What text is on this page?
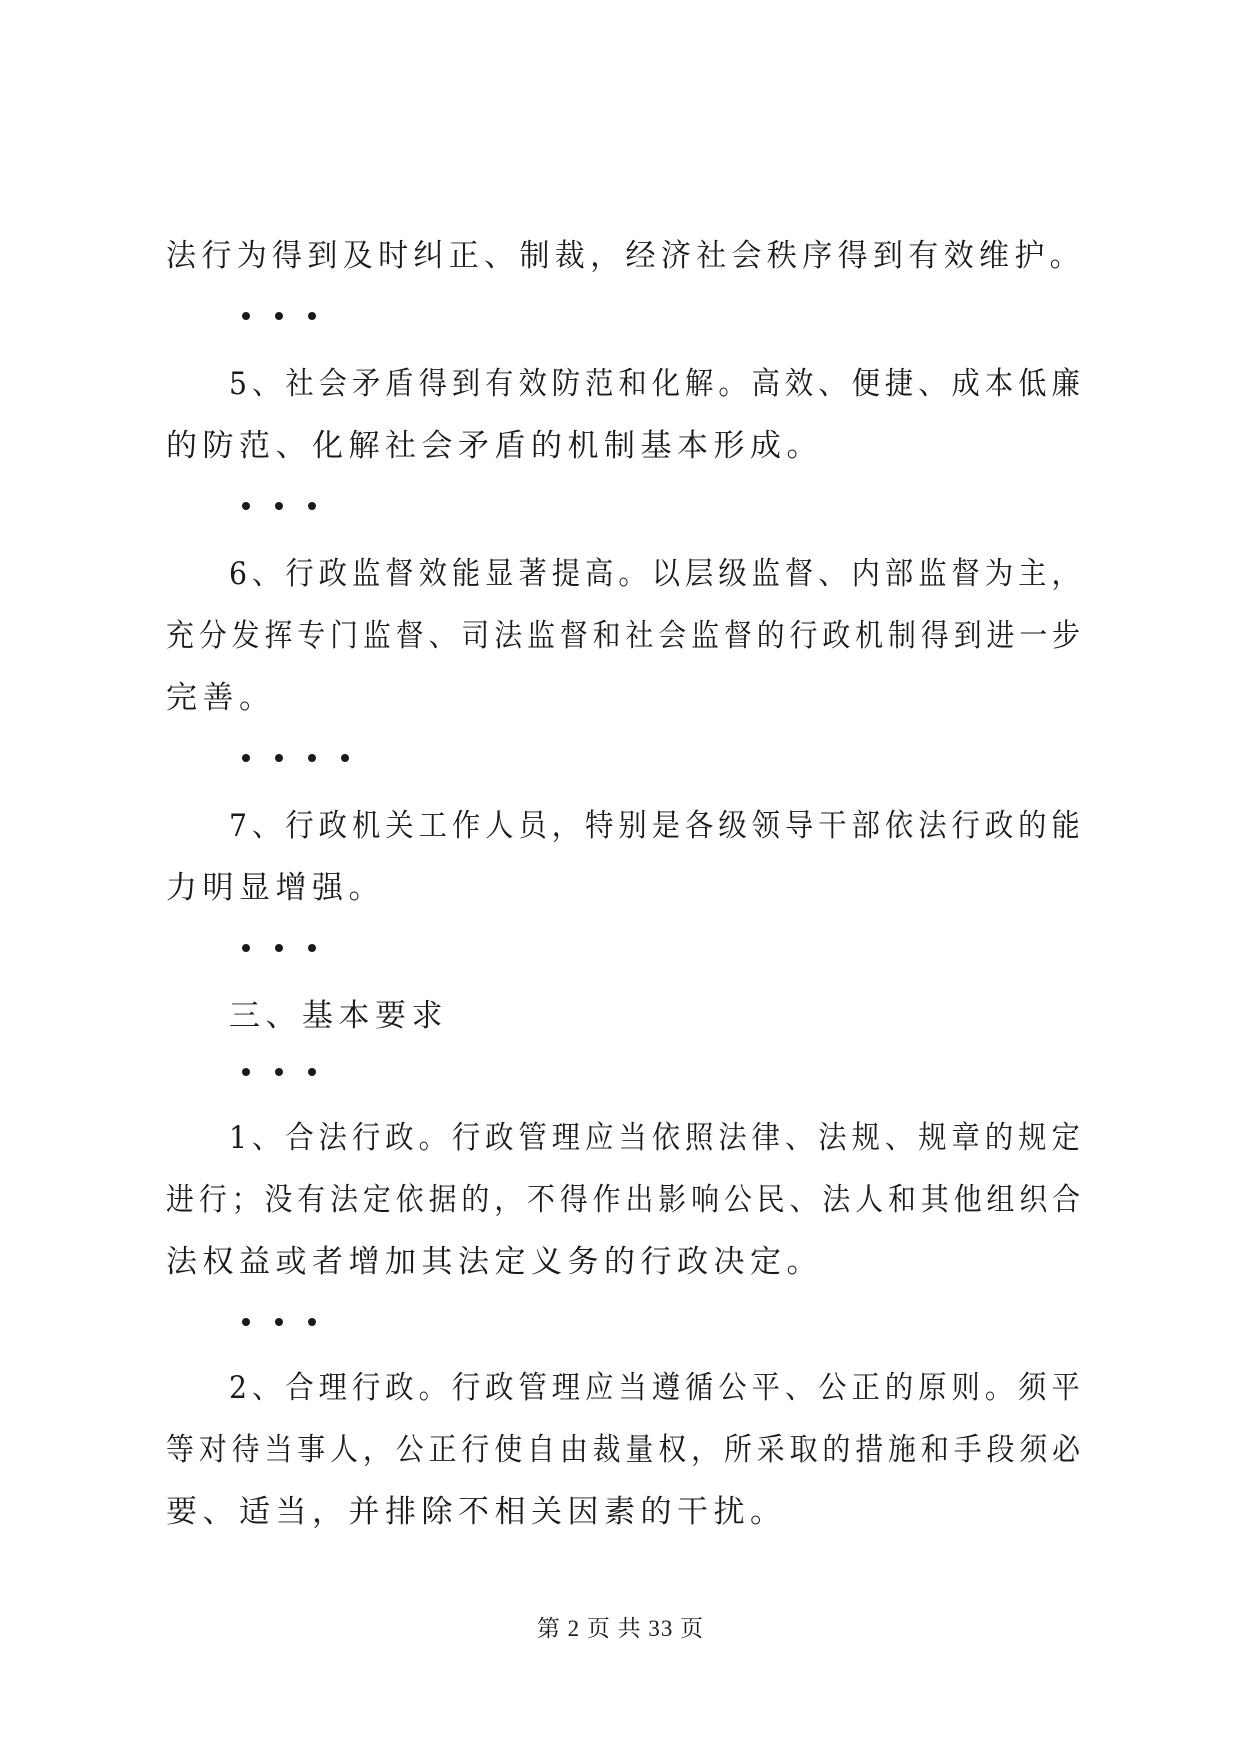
法行为得到及时纠正、制裁，经济社会秩序得到有效维护。
5、社会矛盾得到有效防范和化解。高效、便捷、成本低廉
的防范、化解社会矛盾的机制基本形成。
6、行政监督效能显著提高。以层级监督、内部监督为主，
充分发挥专门监督、司法监督和社会监督的行政机制得到进一步
完善。
7、行政机关工作人员，特别是各级领导干部依法行政的能
力明显增强。
三、基本要求
1、合法行政。行政管理应当依照法律、法规、规章的规定
进行；没有法定依据的，不得作出影响公民、法人和其他组织合
法权益或者增加其法定义务的行政决定。
2、合理行政。行政管理应当遵循公平、公正的原则。须平
等对待当事人，公正行使自由裁量权，所采取的措施和手段须必
要、适当，并排除不相关因素的干扰。
第 2 页 共 33 页
